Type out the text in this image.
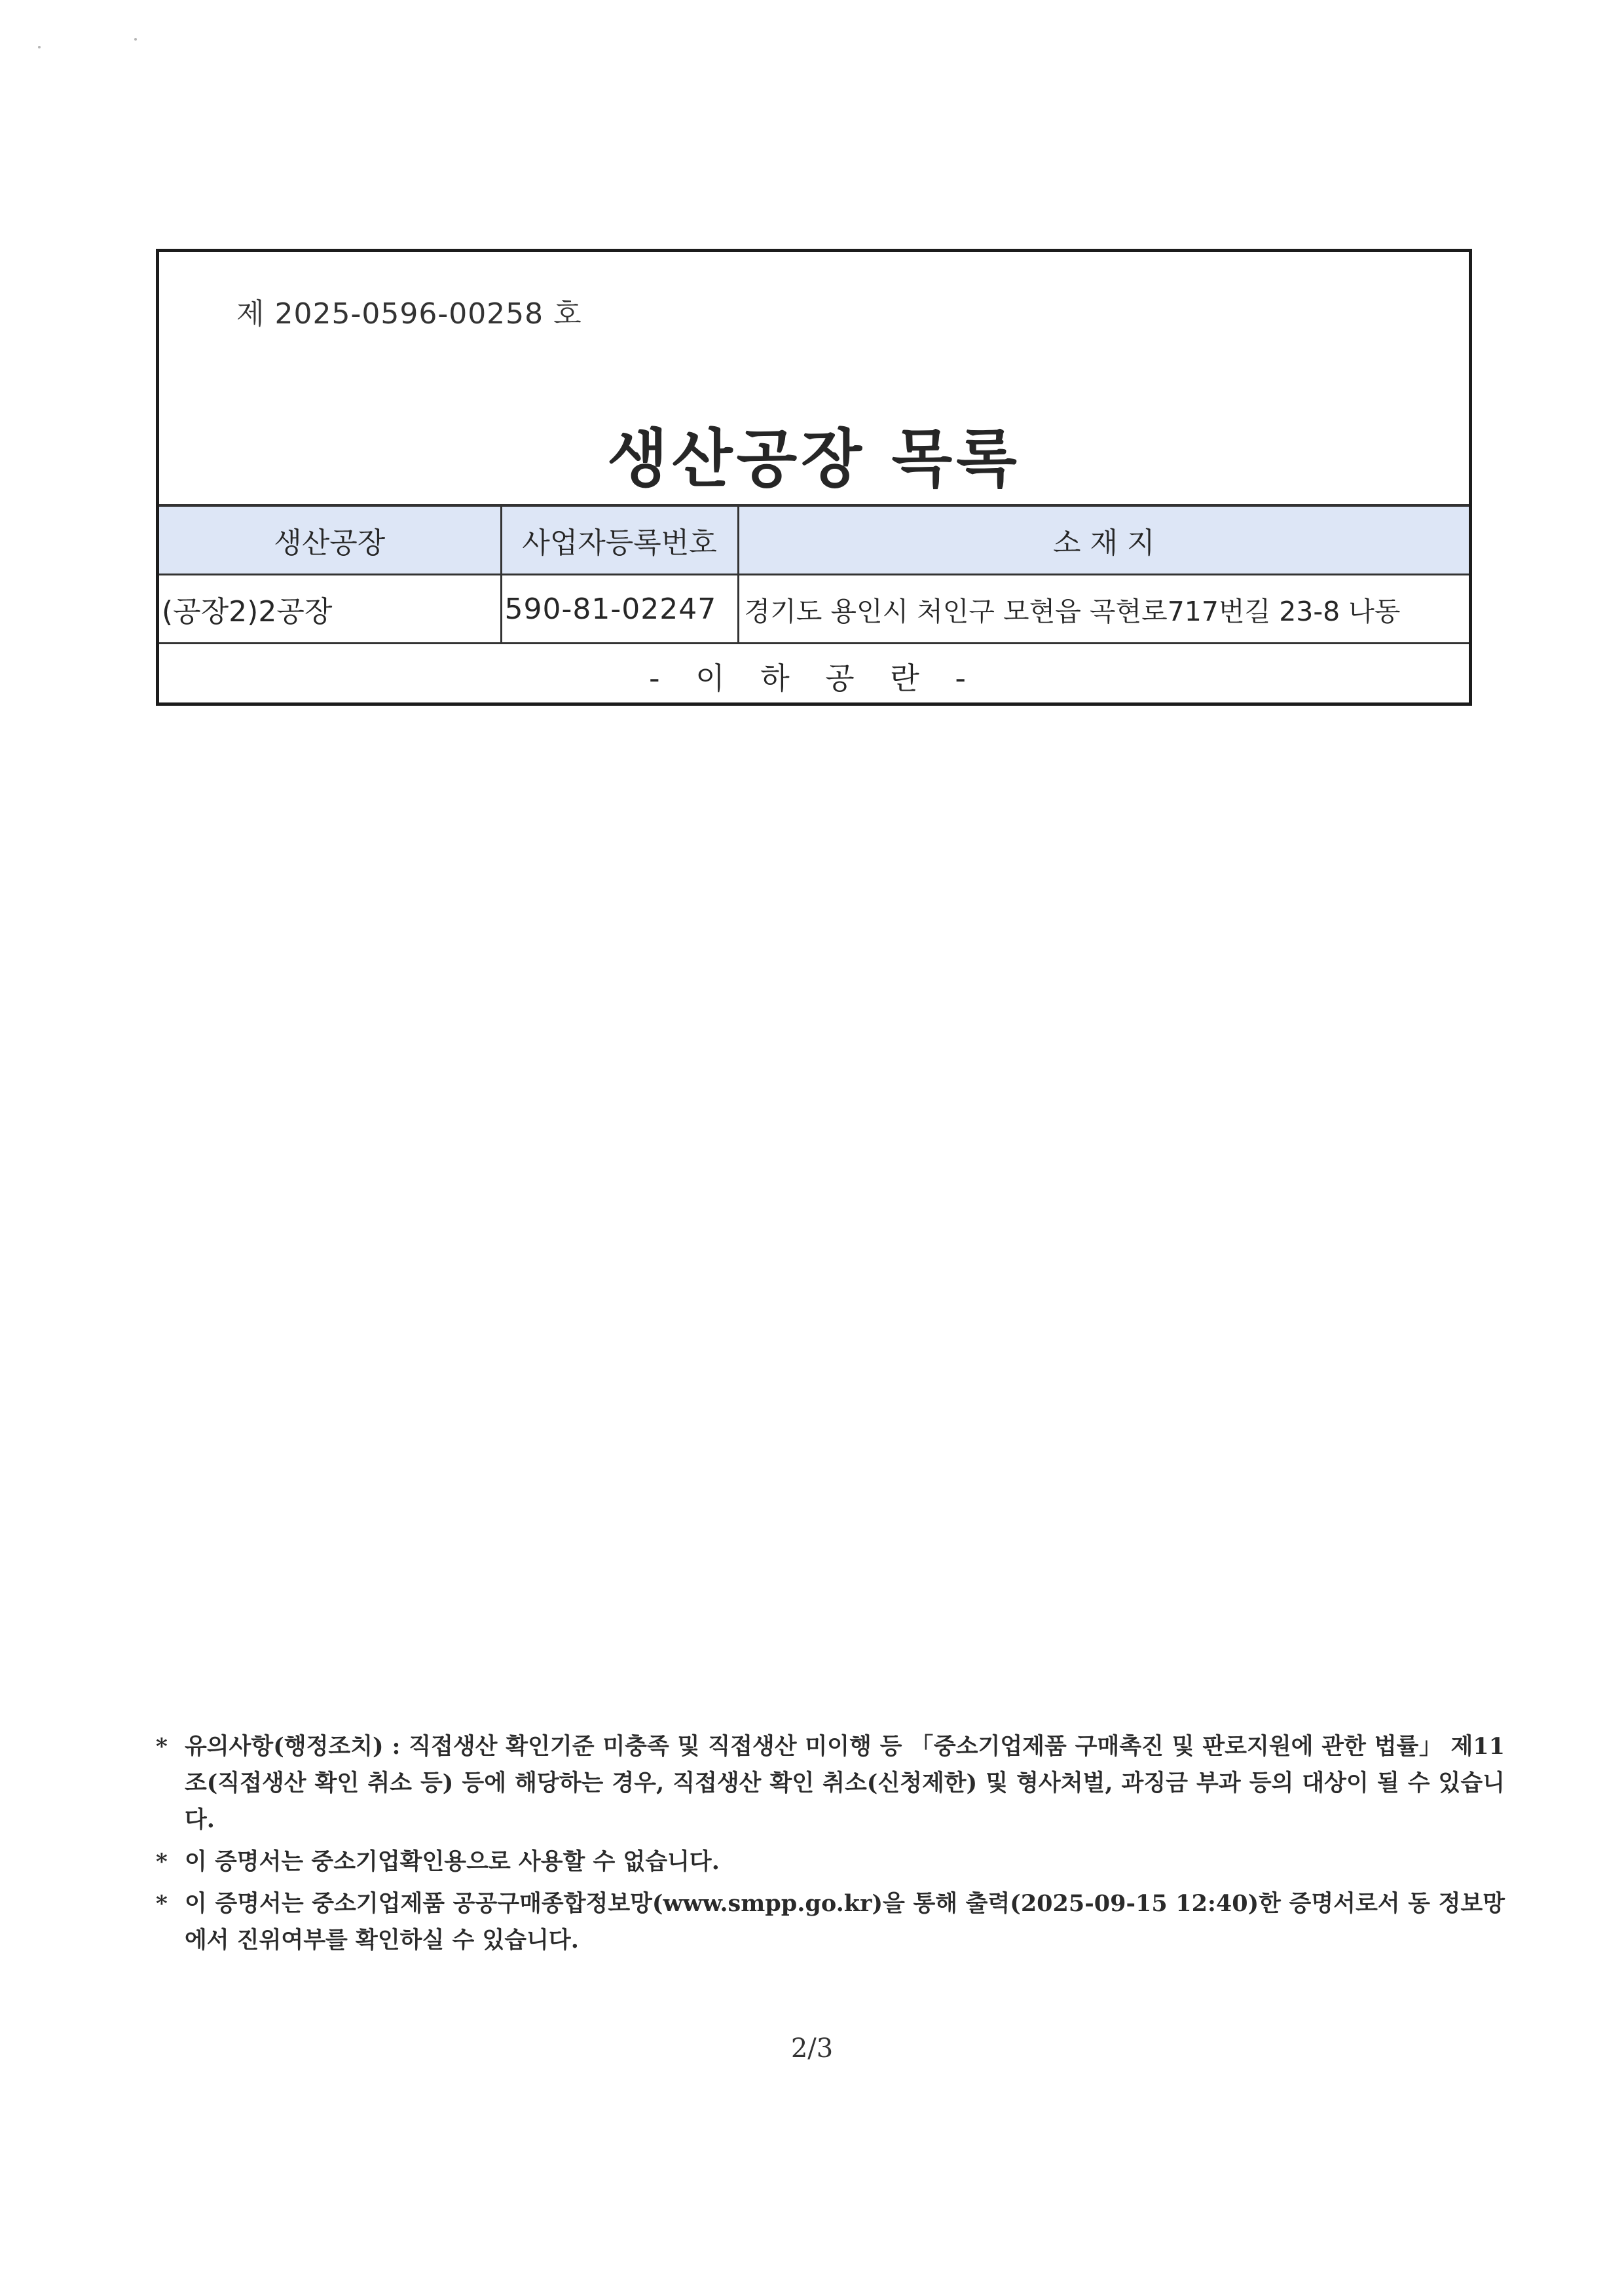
제 2025-0596-00258 호
생산공장 목록
생산공장	사업자등록번호	소 재 지
(공장2)2공장	590-81-02247	경기도 용인시 처인구 모현읍 곡현로717번길 23-8 나동
- 이 하 공 란 -		
* 유의사항(행정조치) : 직접생산 확인기준 미충족 및 직접생산 미이행 등 「중소기업제품 구매촉진 및 판로지원에 관한 법률」 제11조(직접생산 확인 취소 등) 등에 해당하는 경우, 직접생산 확인 취소(신청제한) 및 형사처벌, 과징금 부과 등의 대상이 될 수 있습니다.
* 이 증명서는 중소기업확인용으로 사용할 수 없습니다.
* 이 증명서는 중소기업제품 공공구매종합정보망(www.smpp.go.kr)을 통해 출력(2025-09-15 12:40)한 증명서로서 동 정보망에서 진위여부를 확인하실 수 있습니다.
2/3
